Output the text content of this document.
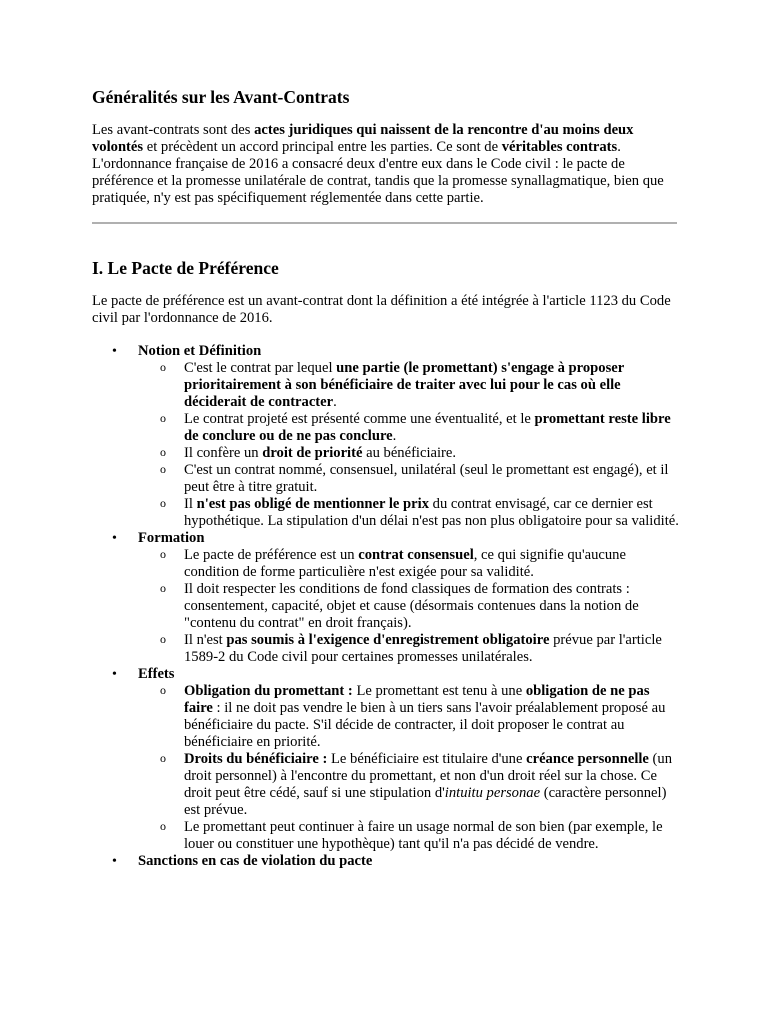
Généralités sur les Avant-Contrats

Les avant-contrats sont des actes juridiques qui naissent de la rencontre d'au moins deux volontés et précèdent un accord principal entre les parties. Ce sont de véritables contrats. L'ordonnance française de 2016 a consacré deux d'entre eux dans le Code civil : le pacte de préférence et la promesse unilatérale de contrat, tandis que la promesse synallagmatique, bien que pratiquée, n'y est pas spécifiquement réglementée dans cette partie.

I. Le Pacte de Préférence

Le pacte de préférence est un avant-contrat dont la définition a été intégrée à l'article 1123 du Code civil par l'ordonnance de 2016.

• Notion et Définition
o C'est le contrat par lequel une partie (le promettant) s'engage à proposer prioritairement à son bénéficiaire de traiter avec lui pour le cas où elle déciderait de contracter.
o Le contrat projeté est présenté comme une éventualité, et le promettant reste libre de conclure ou de ne pas conclure.
o Il confère un droit de priorité au bénéficiaire.
o C'est un contrat nommé, consensuel, unilatéral (seul le promettant est engagé), et il peut être à titre gratuit.
o Il n'est pas obligé de mentionner le prix du contrat envisagé, car ce dernier est hypothétique. La stipulation d'un délai n'est pas non plus obligatoire pour sa validité.
• Formation
o Le pacte de préférence est un contrat consensuel, ce qui signifie qu'aucune condition de forme particulière n'est exigée pour sa validité.
o Il doit respecter les conditions de fond classiques de formation des contrats : consentement, capacité, objet et cause (désormais contenues dans la notion de "contenu du contrat" en droit français).
o Il n'est pas soumis à l'exigence d'enregistrement obligatoire prévue par l'article 1589-2 du Code civil pour certaines promesses unilatérales.
• Effets
o Obligation du promettant : Le promettant est tenu à une obligation de ne pas faire : il ne doit pas vendre le bien à un tiers sans l'avoir préalablement proposé au bénéficiaire du pacte. S'il décide de contracter, il doit proposer le contrat au bénéficiaire en priorité.
o Droits du bénéficiaire : Le bénéficiaire est titulaire d'une créance personnelle (un droit personnel) à l'encontre du promettant, et non d'un droit réel sur la chose. Ce droit peut être cédé, sauf si une stipulation d'intuitu personae (caractère personnel) est prévue.
o Le promettant peut continuer à faire un usage normal de son bien (par exemple, le louer ou constituer une hypothèque) tant qu'il n'a pas décidé de vendre.
• Sanctions en cas de violation du pacte
